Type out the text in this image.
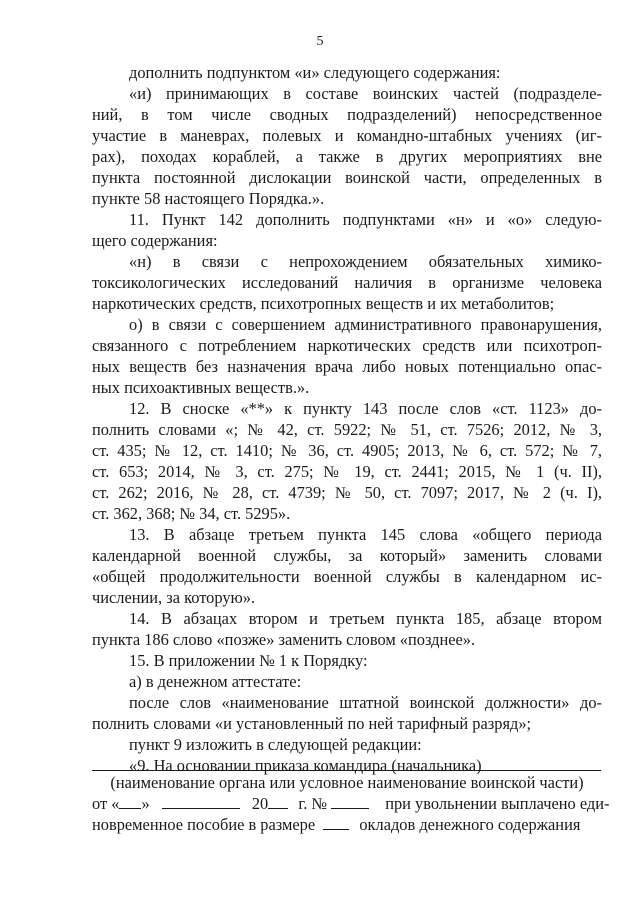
5
дополнить подпунктом «и» следующего содержания:
«и) принимающих в составе воинских частей (подразделе-
ний, в том числе сводных подразделений) непосредственное
участие в маневрах, полевых и командно-штабных учениях (иг-
рах), походах кораблей, а также в других мероприятиях вне
пункта постоянной дислокации воинской части, определенных в
пункте 58 настоящего Порядка.».
11. Пункт 142 дополнить подпунктами «н» и «о» следую-
щего содержания:
«н) в связи с непрохождением обязательных химико-
токсикологических исследований наличия в организме человека
наркотических средств, психотропных веществ и их метаболитов;
о) в связи с совершением административного правонарушения,
связанного с потреблением наркотических средств или психотроп-
ных веществ без назначения врача либо новых потенциально опас-
ных психоактивных веществ.».
12. В сноске «**» к пункту 143 после слов «ст. 1123» до-
полнить словами «; № 42, ст. 5922; № 51, ст. 7526; 2012, № 3,
ст. 435; № 12, ст. 1410; № 36, ст. 4905; 2013, № 6, ст. 572; № 7,
ст. 653; 2014, № 3, ст. 275; № 19, ст. 2441; 2015, № 1 (ч. II),
ст. 262; 2016, № 28, ст. 4739; № 50, ст. 7097; 2017, № 2 (ч. I),
ст. 362, 368; № 34, ст. 5295».
13. В абзаце третьем пункта 145 слова «общего периода
календарной военной службы, за который» заменить словами
«общей продолжительности военной службы в календарном ис-
числении, за которую».
14. В абзацах втором и третьем пункта 185, абзаце втором
пункта 186 слово «позже» заменить словом «позднее».
15. В приложении № 1 к Порядку:
а) в денежном аттестате:
после слов «наименование штатной воинской должности» до-
полнить словами «и установленный по ней тарифный разряд»;
пункт 9 изложить в следующей редакции:
«9. На основании приказа командира (начальника)
(наименование органа или условное наименование воинской части)
от « »	20 г. №	при увольнении выплачено еди-
новременное пособие в размере	окладов денежного содержания
